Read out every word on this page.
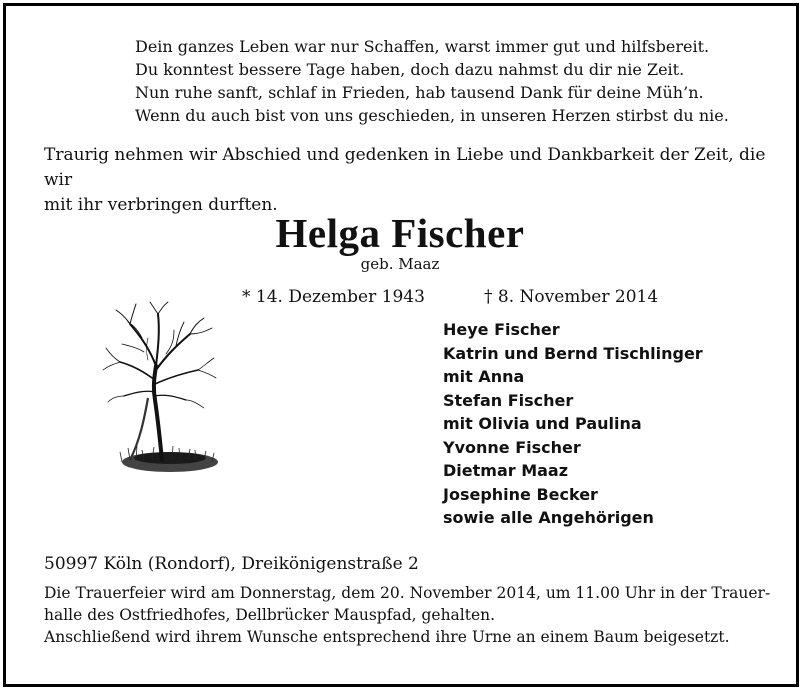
Dein ganzes Leben war nur Schaffen, warst immer gut und hilfsbereit.
Du konntest bessere Tage haben, doch dazu nahmst du dir nie Zeit.
Nun ruhe sanft, schlaf in Frieden, hab tausend Dank für deine Müh’n.
Wenn du auch bist von uns geschieden, in unseren Herzen stirbst du nie.
Traurig nehmen wir Abschied und gedenken in Liebe und Dankbarkeit der Zeit, die wir
mit ihr verbringen durften.
Helga Fischer
geb. Maaz
* 14. Dezember 1943	† 8. November 2014
Heye Fischer
Katrin und Bernd Tischlinger
mit Anna
Stefan Fischer
mit Olivia und Paulina
Yvonne Fischer
Dietmar Maaz
Josephine Becker
sowie alle Angehörigen
50997 Köln (Rondorf), Dreikönigenstraße 2
Die Trauerfeier wird am Donnerstag, dem 20. November 2014, um 11.00 Uhr in der Trauer-
halle des Ostfriedhofes, Dellbrücker Mauspfad, gehalten.
Anschließend wird ihrem Wunsche entsprechend ihre Urne an einem Baum beigesetzt.
